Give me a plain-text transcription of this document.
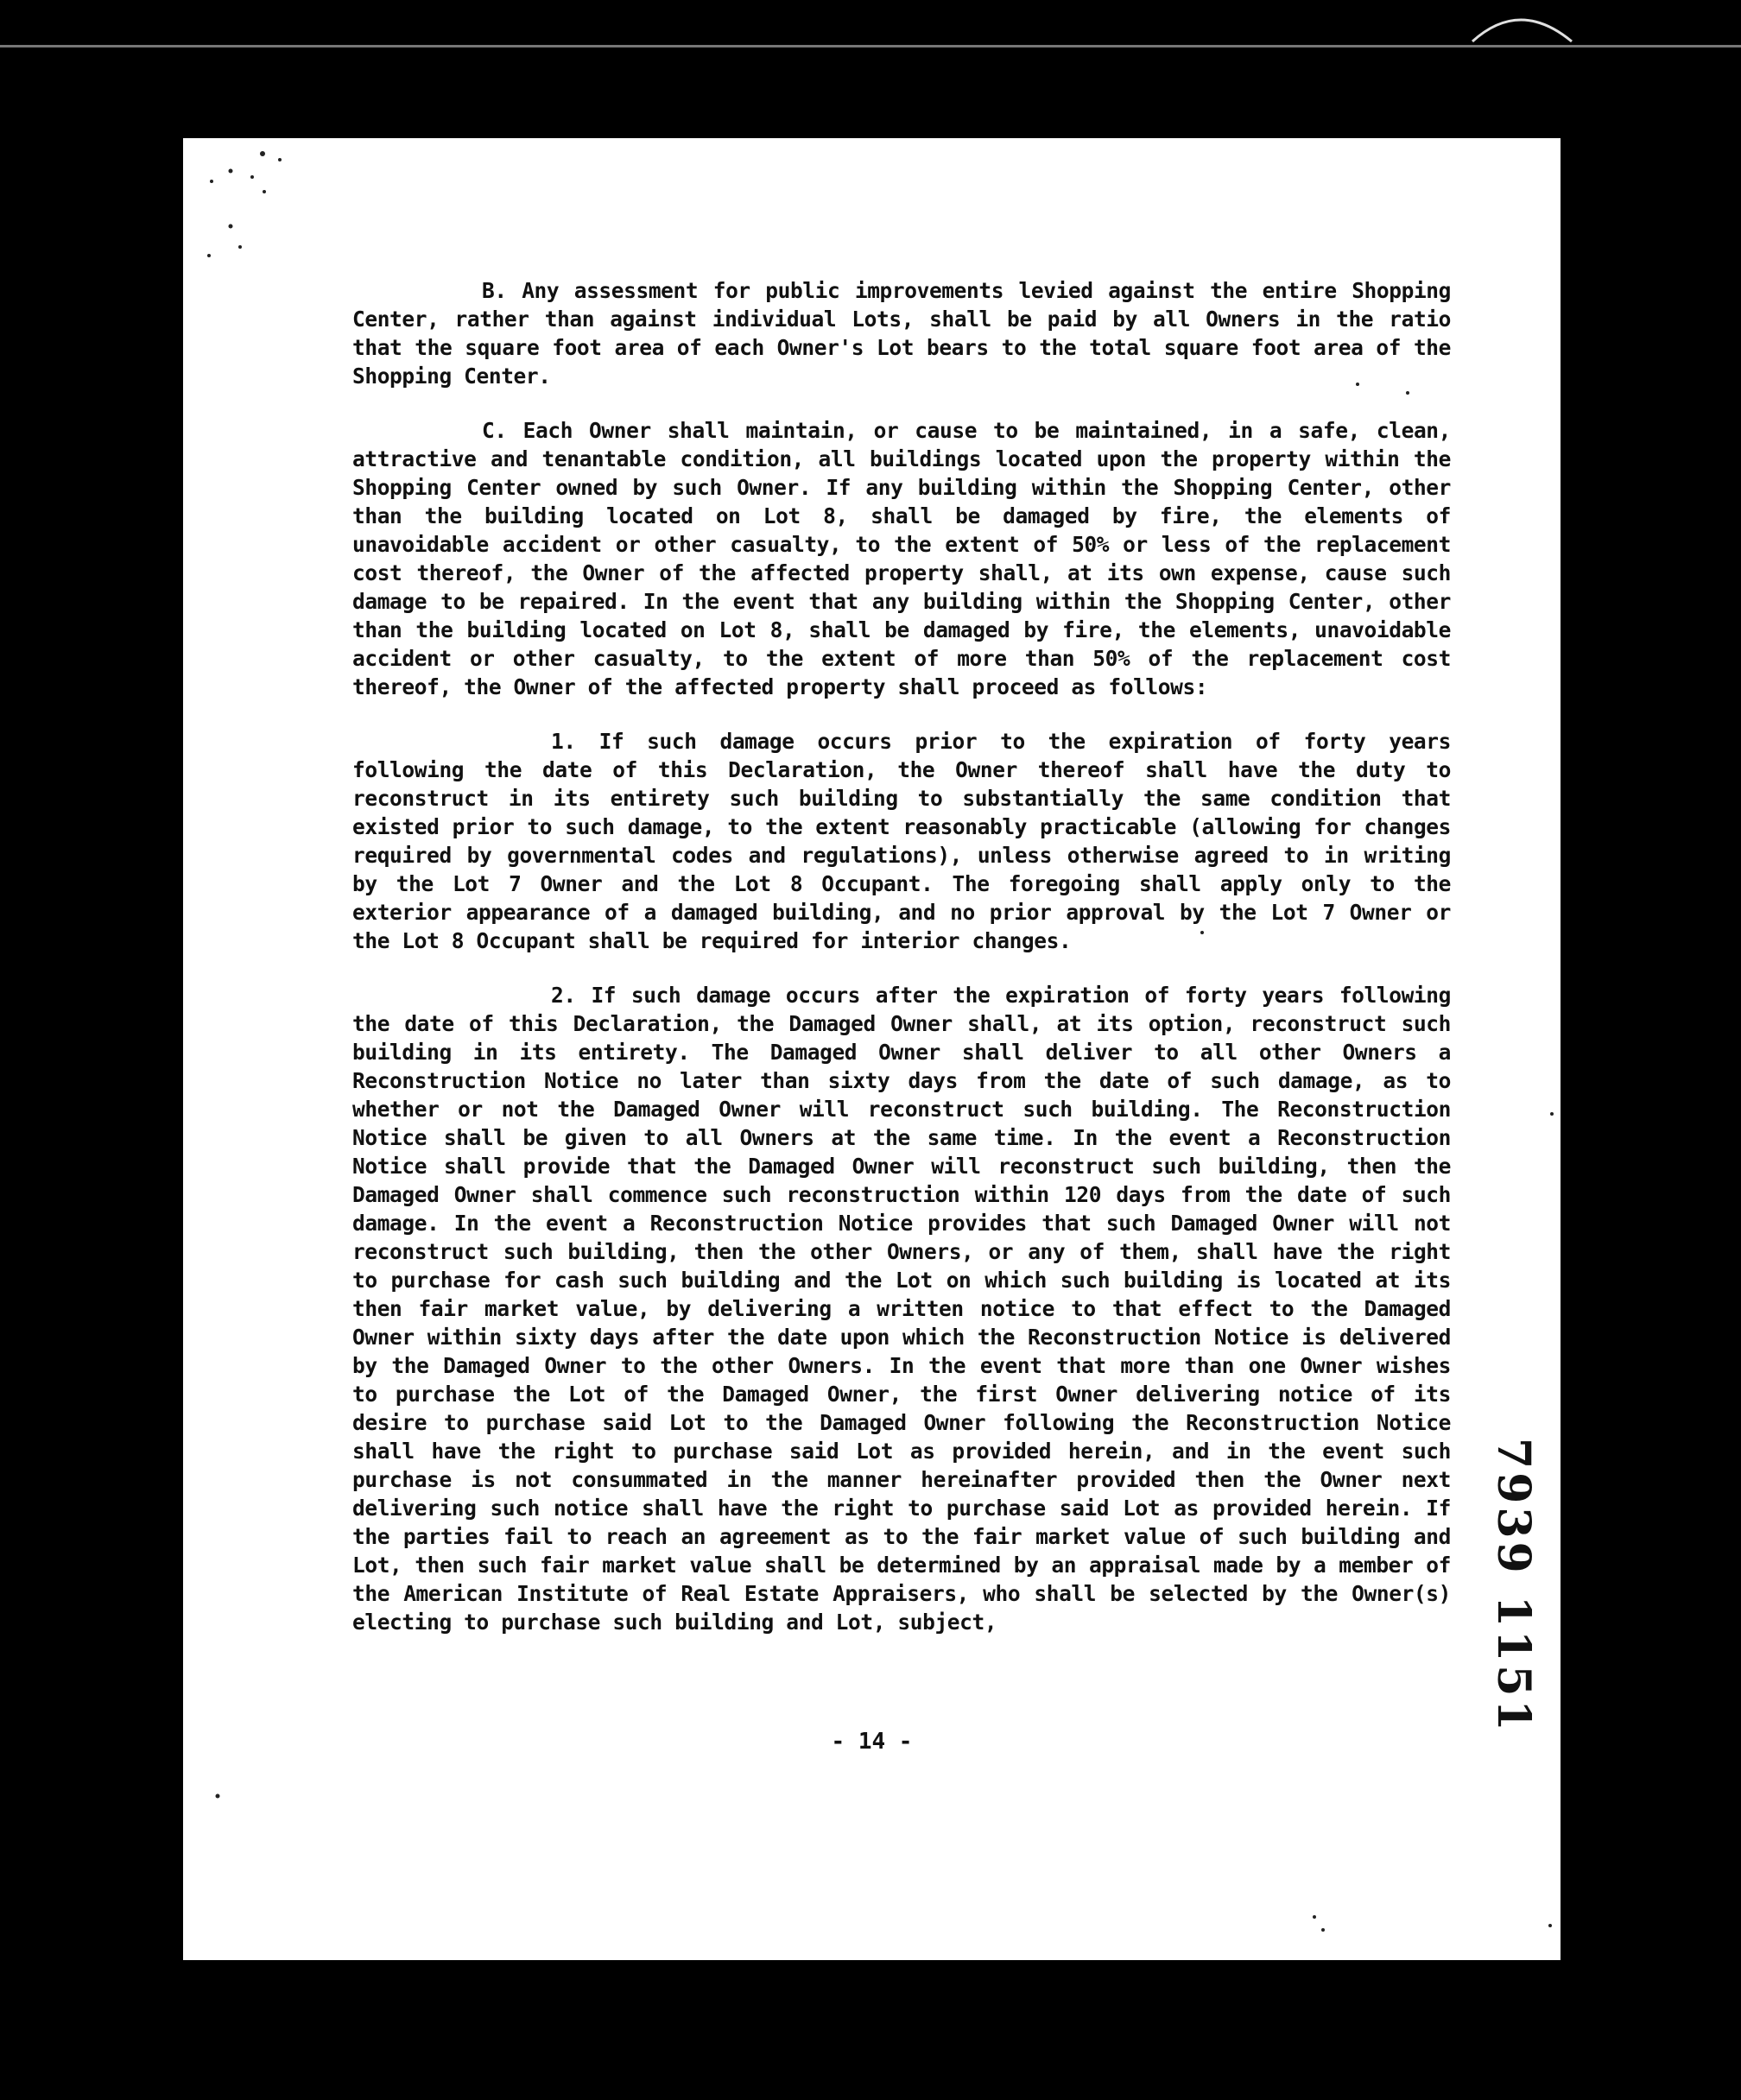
B. Any assessment for public improvements levied against the entire Shopping Center, rather than against individual Lots, shall be paid by all Owners in the ratio that the square foot area of each Owner's Lot bears to the total square foot area of the Shopping Center.

C. Each Owner shall maintain, or cause to be maintained, in a safe, clean, attractive and tenantable condition, all buildings located upon the property within the Shopping Center owned by such Owner. If any building within the Shopping Center, other than the building located on Lot 8, shall be damaged by fire, the elements of unavoidable accident or other casualty, to the extent of 50% or less of the replacement cost thereof, the Owner of the affected property shall, at its own expense, cause such damage to be repaired. In the event that any building within the Shopping Center, other than the building located on Lot 8, shall be damaged by fire, the elements, unavoidable accident or other casualty, to the extent of more than 50% of the replacement cost thereof, the Owner of the affected property shall proceed as follows:

1. If such damage occurs prior to the expiration of forty years following the date of this Declaration, the Owner thereof shall have the duty to reconstruct in its entirety such building to substantially the same condition that existed prior to such damage, to the extent reasonably practicable (allowing for changes required by governmental codes and regulations), unless otherwise agreed to in writing by the Lot 7 Owner and the Lot 8 Occupant. The foregoing shall apply only to the exterior appearance of a damaged building, and no prior approval by the Lot 7 Owner or the Lot 8 Occupant shall be required for interior changes.

2. If such damage occurs after the expiration of forty years following the date of this Declaration, the Damaged Owner shall, at its option, reconstruct such building in its entirety. The Damaged Owner shall deliver to all other Owners a Reconstruction Notice no later than sixty days from the date of such damage, as to whether or not the Damaged Owner will reconstruct such building. The Reconstruction Notice shall be given to all Owners at the same time. In the event a Reconstruction Notice shall provide that the Damaged Owner will reconstruct such building, then the Damaged Owner shall commence such reconstruction within 120 days from the date of such damage. In the event a Reconstruction Notice provides that such Damaged Owner will not reconstruct such building, then the other Owners, or any of them, shall have the right to purchase for cash such building and the Lot on which such building is located at its then fair market value, by delivering a written notice to that effect to the Damaged Owner within sixty days after the date upon which the Reconstruction Notice is delivered by the Damaged Owner to the other Owners. In the event that more than one Owner wishes to purchase the Lot of the Damaged Owner, the first Owner delivering notice of its desire to purchase said Lot to the Damaged Owner following the Reconstruction Notice shall have the right to purchase said Lot as provided herein, and in the event such purchase is not consummated in the manner hereinafter provided then the Owner next delivering such notice shall have the right to purchase said Lot as provided herein. If the parties fail to reach an agreement as to the fair market value of such building and Lot, then such fair market value shall be determined by an appraisal made by a member of the American Institute of Real Estate Appraisers, who shall be selected by the Owner(s) electing to purchase such building and Lot, subject,

- 14 -
7939 1151
